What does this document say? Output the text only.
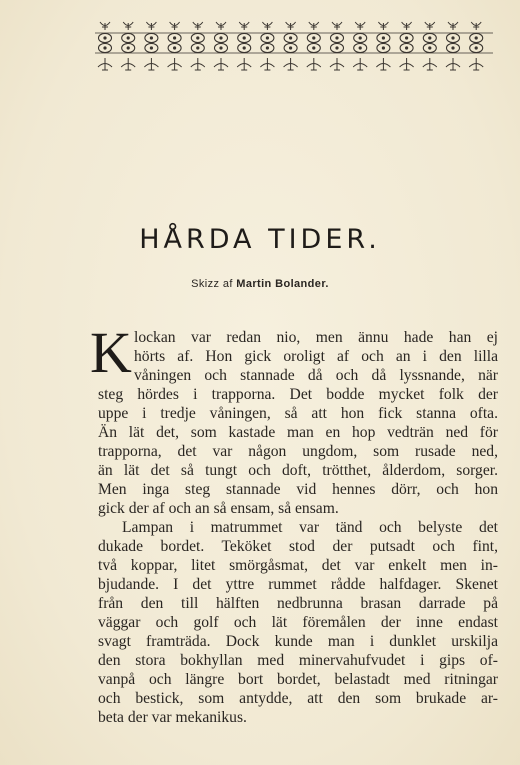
HÅRDA TIDER.
Skizz af Martin Bolander.
K lockan var redan nio, men ännu hade han ej
hörts af. Hon gick oroligt af och an i den lilla
våningen och stannade då och då lyssnande, när
steg hördes i trapporna. Det bodde mycket folk der
uppe i tredje våningen, så att hon fick stanna ofta.
Än lät det, som kastade man en hop vedträn ned för
trapporna, det var någon ungdom, som rusade ned,
än lät det så tungt och doft, trötthet, ålderdom, sorger.
Men inga steg stannade vid hennes dörr, och hon
gick der af och an så ensam, så ensam.
Lampan i matrummet var tänd och belyste det
dukade bordet. Teköket stod der putsadt och fint,
två koppar, litet smörgåsmat, det var enkelt men in-
bjudande. I det yttre rummet rådde halfdager. Skenet
från den till hälften nedbrunna brasan darrade på
väggar och golf och lät föremålen der inne endast
svagt framträda. Dock kunde man i dunklet urskilja
den stora bokhyllan med minervahufvudet i gips of-
vanpå och längre bort bordet, belastadt med ritningar
och bestick, som antydde, att den som brukade ar-
beta der var mekanikus.
